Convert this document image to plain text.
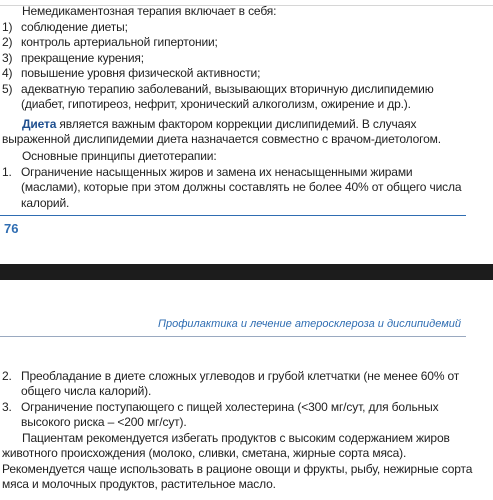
Немедикаментозная терапия включает в себя:
1) соблюдение диеты;
2) контроль артериальной гипертонии;
3) прекращение курения;
4) повышение уровня физической активности;
5) адекватную терапию заболеваний, вызывающих вторичную дислипидемию (диабет, гипотиреоз, нефрит, хронический алкоголизм, ожирение и др.).
Диета является важным фактором коррекции дислипидемий. В случаях выраженной дислипидемии диета назначается совместно с врачом-диетологом.
Основные принципы диетотерапии:
1. Ограничение насыщенных жиров и замена их ненасыщенными жирами (маслами), которые при этом должны составлять не более 40% от общего числа калорий.
76
Профилактика и лечение атеросклероза и дислипидемий
2. Преобладание в диете сложных углеводов и грубой клетчатки (не менее 60% от общего числа калорий).
3. Ограничение поступающего с пищей холестерина (<300 мг/сут, для больных высокого риска – <200 мг/сут).
Пациентам рекомендуется избегать продуктов с высоким содержанием жиров животного происхождения (молоко, сливки, сметана, жирные сорта мяса). Рекомендуется чаще использовать в рационе овощи и фрукты, рыбу, нежирные сорта мяса и молочных продуктов, растительное масло.
